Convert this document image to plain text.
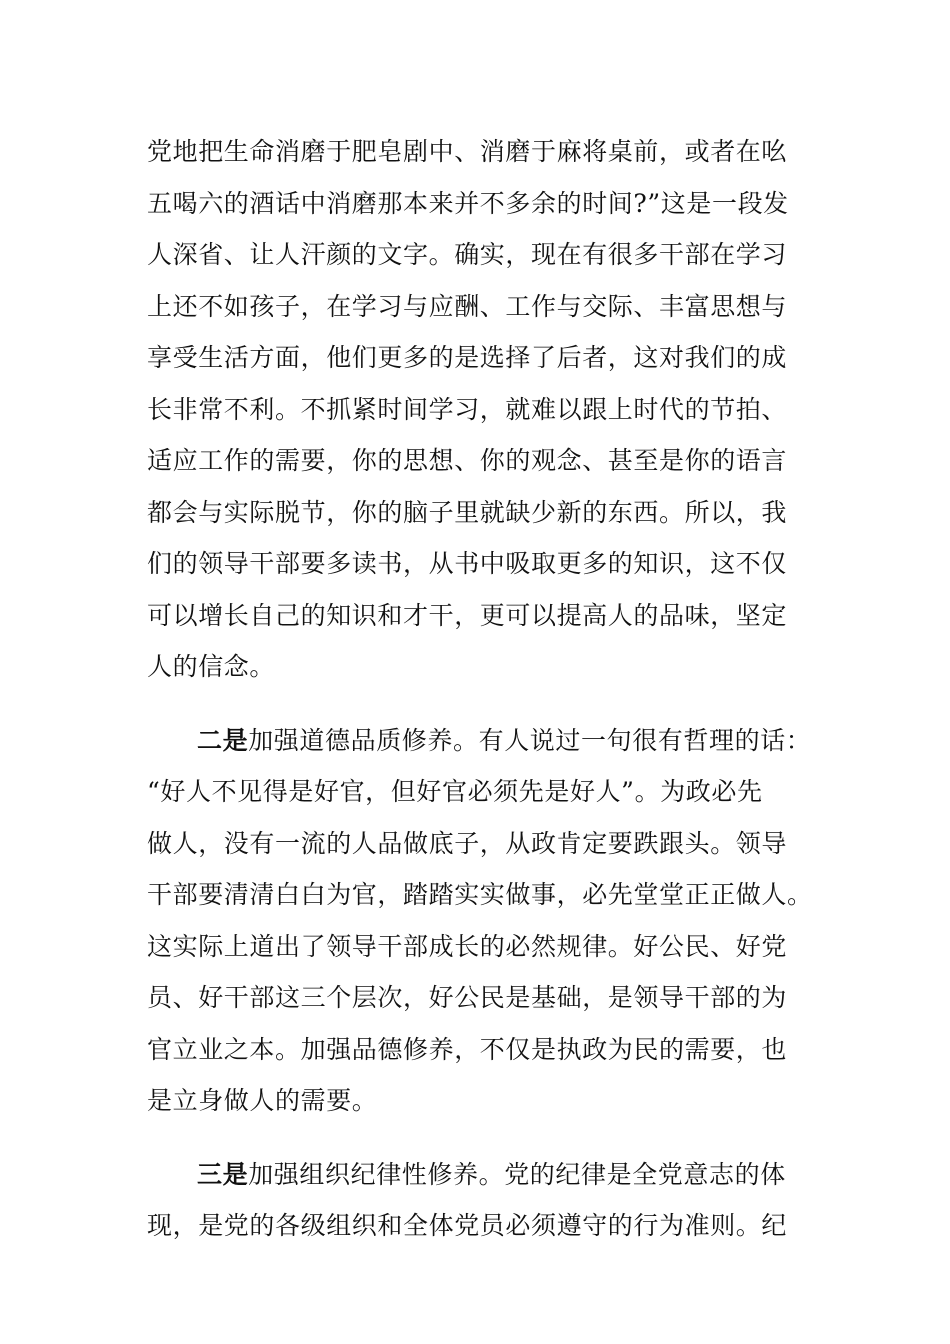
党地把生命消磨于肥皂剧中、消磨于麻将桌前，或者在吆
五喝六的酒话中消磨那本来并不多余的时间?”这是一段发
人深省、让人汗颜的文字。确实，现在有很多干部在学习
上还不如孩子，在学习与应酬、工作与交际、丰富思想与
享受生活方面，他们更多的是选择了后者，这对我们的成
长非常不利。不抓紧时间学习，就难以跟上时代的节拍、
适应工作的需要，你的思想、你的观念、甚至是你的语言
都会与实际脱节，你的脑子里就缺少新的东西。所以，我
们的领导干部要多读书，从书中吸取更多的知识，这不仅
可以增长自己的知识和才干，更可以提高人的品味，坚定
人的信念。
二是加强道德品质修养。有人说过一句很有哲理的话：
“好人不见得是好官，但好官必须先是好人”。为政必先
做人，没有一流的人品做底子，从政肯定要跌跟头。领导
干部要清清白白为官，踏踏实实做事，必先堂堂正正做人。
这实际上道出了领导干部成长的必然规律。好公民、好党
员、好干部这三个层次，好公民是基础，是领导干部的为
官立业之本。加强品德修养，不仅是执政为民的需要，也
是立身做人的需要。
三是加强组织纪律性修养。党的纪律是全党意志的体
现，是党的各级组织和全体党员必须遵守的行为准则。纪
